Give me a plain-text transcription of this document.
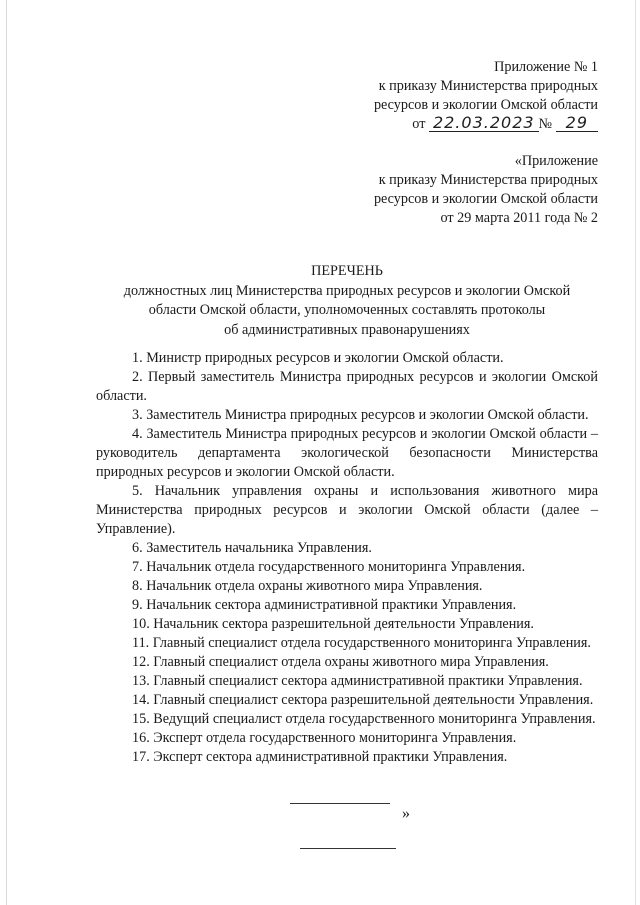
Приложение № 1
к приказу Министерства природных
ресурсов и экологии Омской области
от 22.03.2023 № 29
«Приложение
к приказу Министерства природных
ресурсов и экологии Омской области
от 29 марта 2011 года № 2
ПЕРЕЧЕНЬ
должностных лиц Министерства природных ресурсов и экологии Омской
области Омской области, уполномоченных составлять протоколы
об административных правонарушениях

1. Министр природных ресурсов и экологии Омской области.

2. Первый заместитель Министра природных ресурсов и экологии Омской области.

3. Заместитель Министра природных ресурсов и экологии Омской области.

4. Заместитель Министра природных ресурсов и экологии Омской области – руководитель департамента экологической безопасности Министерства природных ресурсов и экологии Омской области.

5. Начальник управления охраны и использования животного мира Министерства природных ресурсов и экологии Омской области (далее – Управление).

6. Заместитель начальника Управления.

7. Начальник отдела государственного мониторинга Управления.

8. Начальник отдела охраны животного мира Управления.

9. Начальник сектора административной практики Управления.

10. Начальник сектора разрешительной деятельности Управления.

11. Главный специалист отдела государственного мониторинга Управления.

12. Главный специалист отдела охраны животного мира Управления.

13. Главный специалист сектора административной практики Управления.

14. Главный специалист сектора разрешительной деятельности Управления.

15. Ведущий специалист отдела государственного мониторинга Управления.

16. Эксперт отдела государственного мониторинга Управления.

17. Эксперт сектора административной практики Управления.

»
